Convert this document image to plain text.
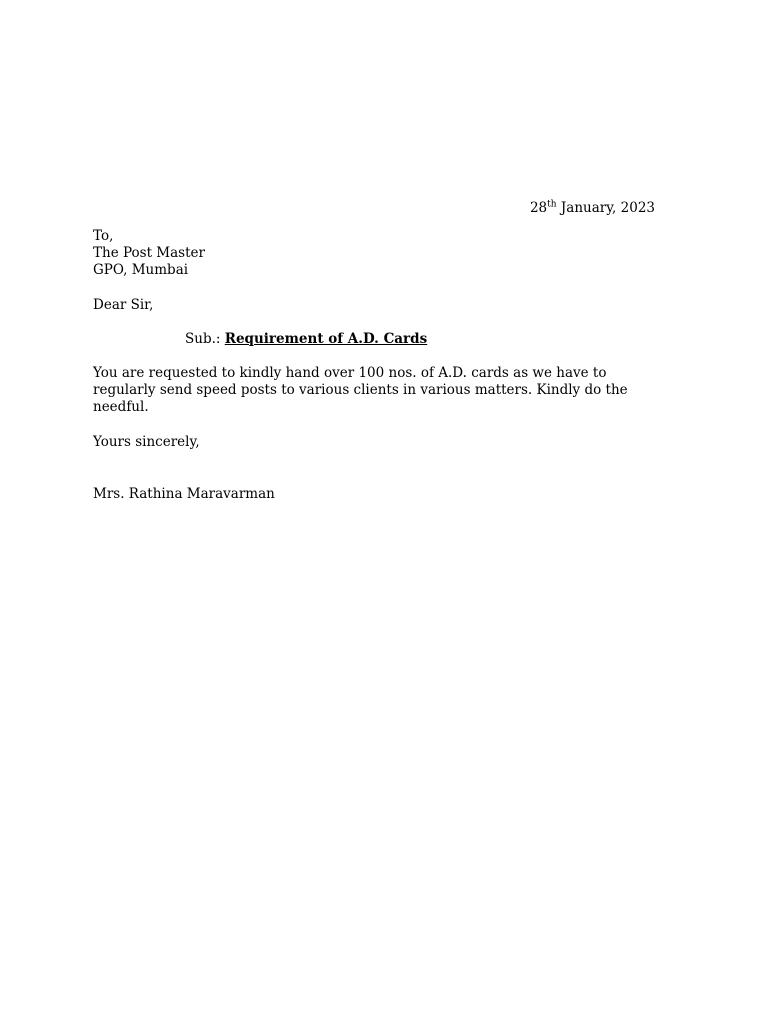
28th January, 2023
To,
The Post Master
GPO, Mumbai
Dear Sir,
Sub.: Requirement of A.D. Cards
You are requested to kindly hand over 100 nos. of A.D. cards as we have to regularly send speed posts to various clients in various matters. Kindly do the needful.
Yours sincerely,
Mrs. Rathina Maravarman
